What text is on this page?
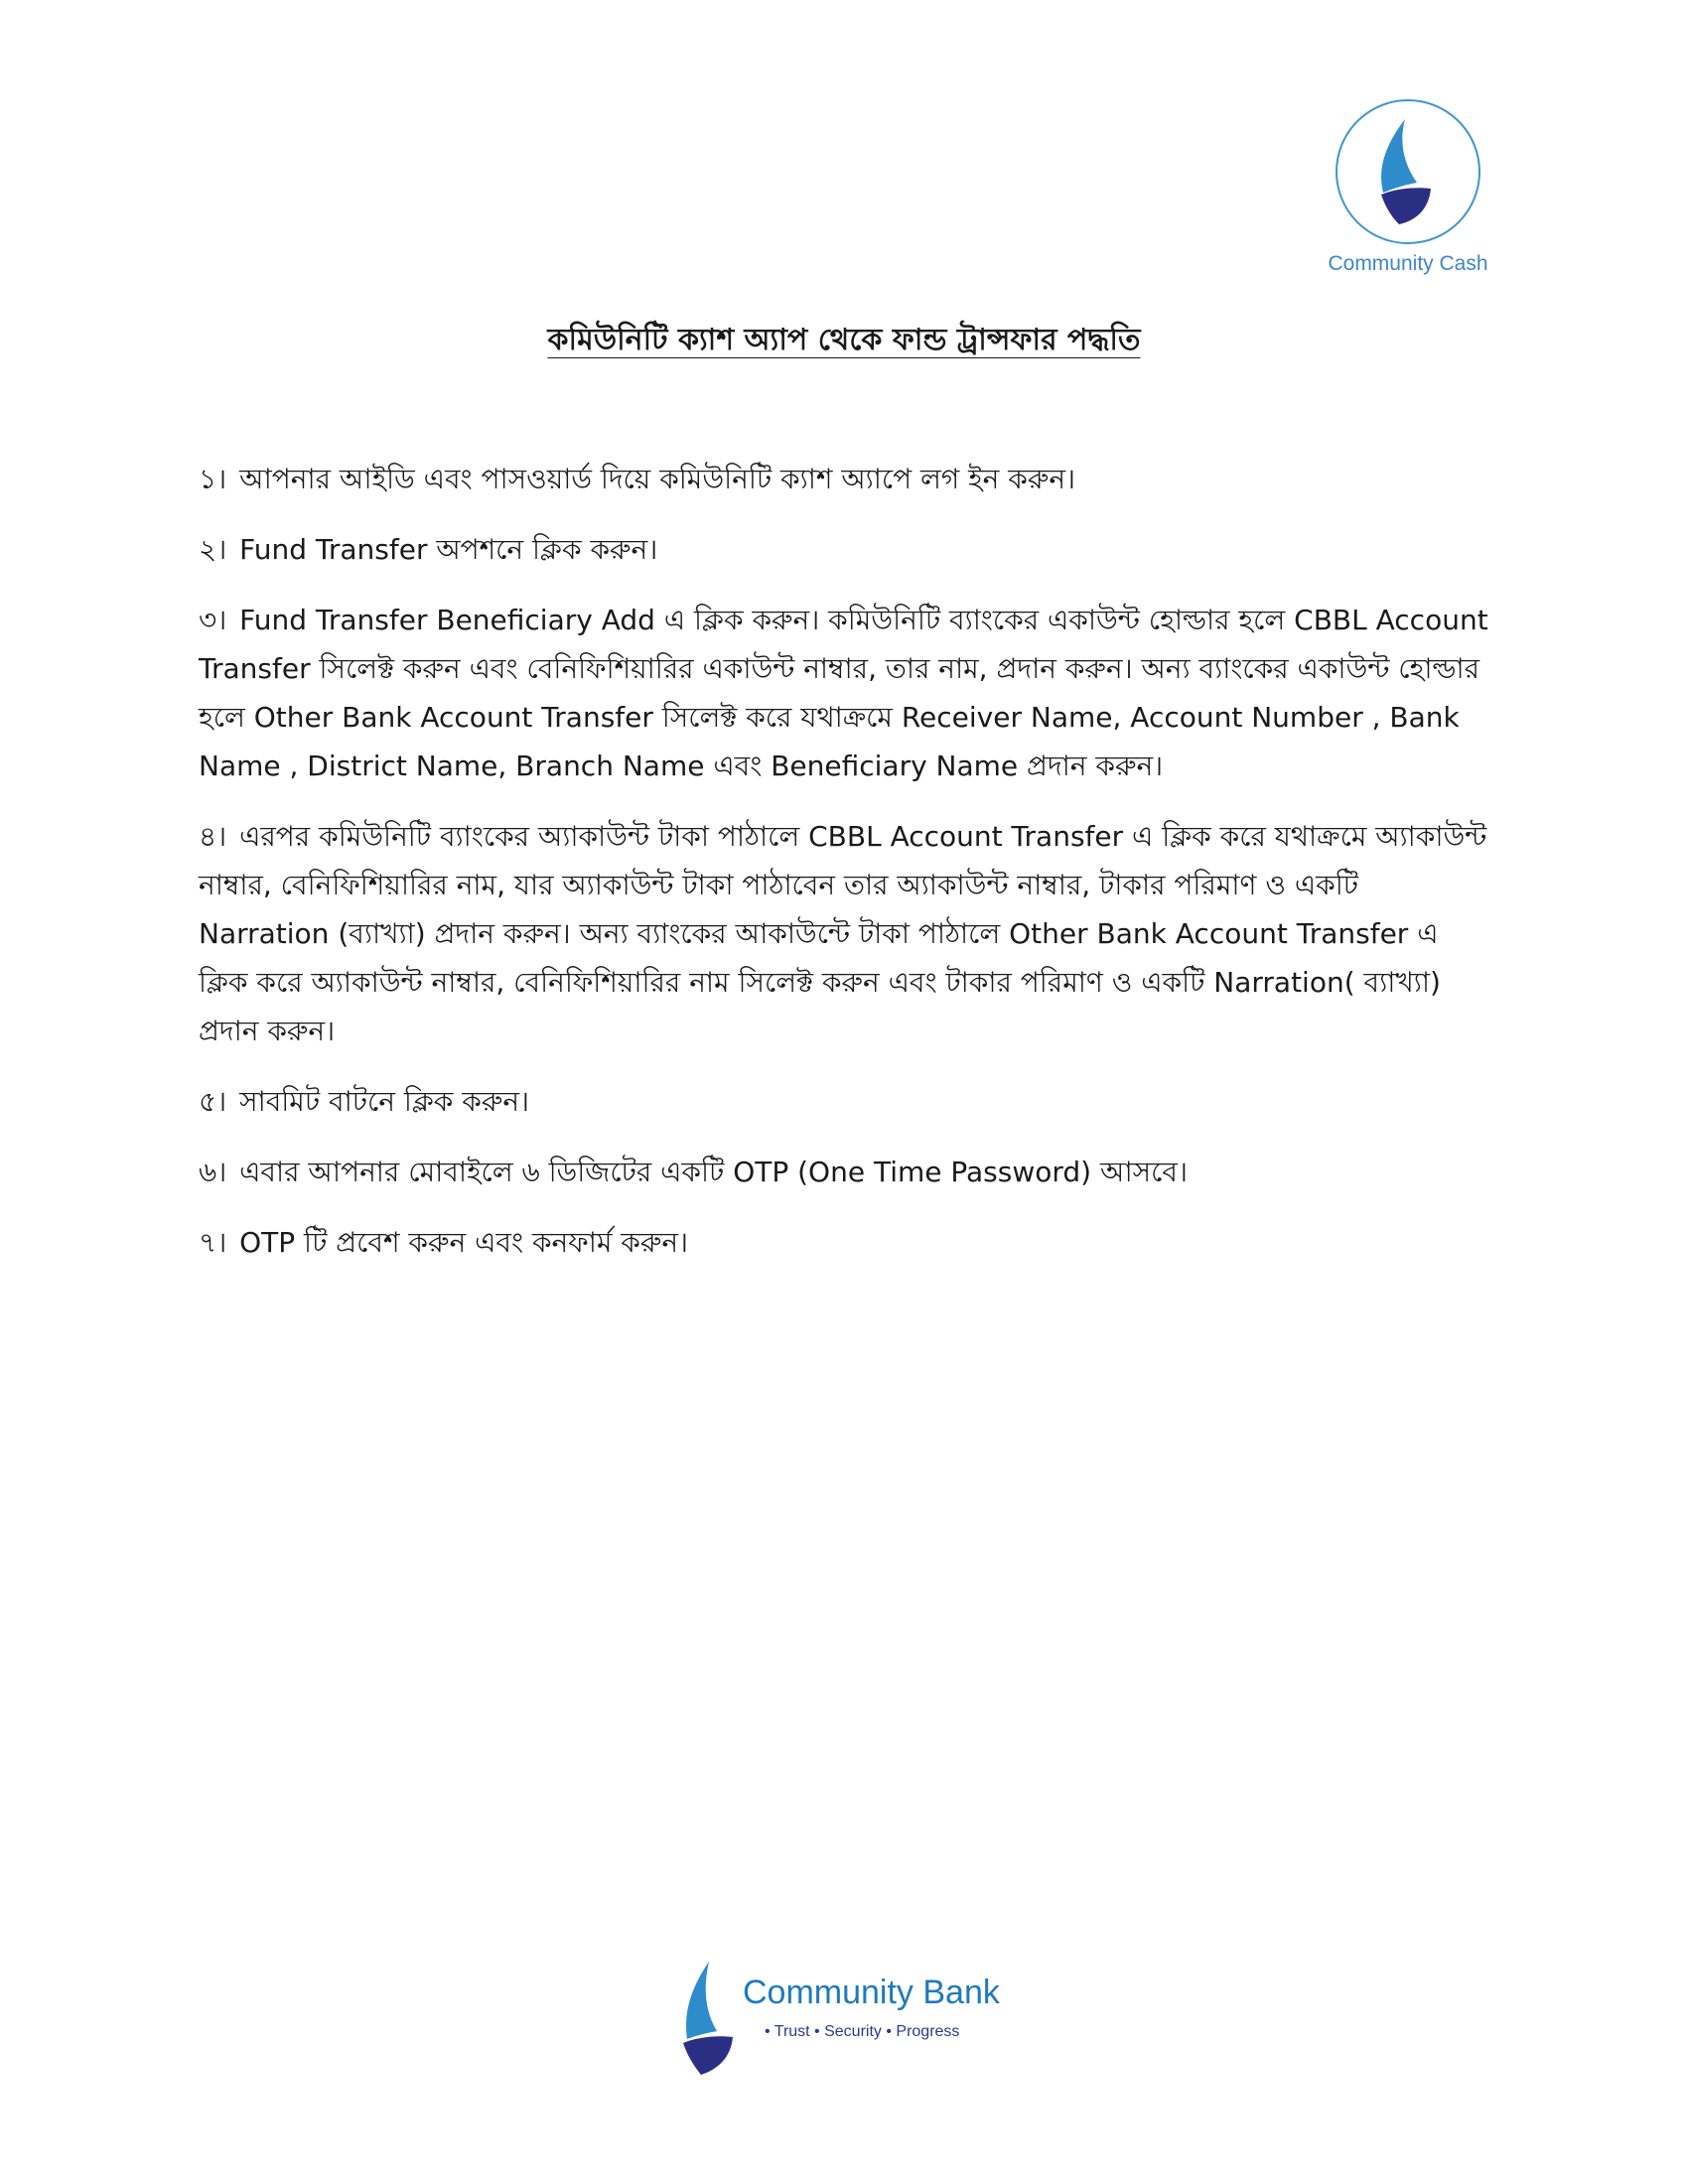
Community Cash
কমিউনিটি ক্যাশ অ্যাপ থেকে ফান্ড ট্রান্সফার পদ্ধতি
১। আপনার আইডি এবং পাসওয়ার্ড দিয়ে কমিউনিটি ক্যাশ অ্যাপে লগ ইন করুন।
২। Fund Transfer অপশনে ক্লিক করুন।
৩। Fund Transfer Beneficiary Add এ ক্লিক করুন। কমিউনিটি ব্যাংকের একাউন্ট হোল্ডার হলে CBBL Account Transfer সিলেক্ট করুন এবং বেনিফিশিয়ারির একাউন্ট নাম্বার, তার নাম, প্রদান করুন। অন্য ব্যাংকের একাউন্ট হোল্ডার হলে Other Bank Account Transfer সিলেক্ট করে যথাক্রমে Receiver Name, Account Number , Bank Name , District Name, Branch Name এবং Beneficiary Name প্রদান করুন।
৪। এরপর কমিউনিটি ব্যাংকের অ্যাকাউন্ট টাকা পাঠালে CBBL Account Transfer এ ক্লিক করে যথাক্রমে অ্যাকাউন্ট নাম্বার, বেনিফিশিয়ারির নাম, যার অ্যাকাউন্ট টাকা পাঠাবেন তার অ্যাকাউন্ট নাম্বার, টাকার পরিমাণ ও একটি Narration (ব্যাখ্যা) প্রদান করুন। অন্য ব্যাংকের আকাউন্টে টাকা পাঠালে Other Bank Account Transfer এ ক্লিক করে অ্যাকাউন্ট নাম্বার, বেনিফিশিয়ারির নাম সিলেক্ট করুন এবং টাকার পরিমাণ ও একটি Narration( ব্যাখ্যা) প্রদান করুন।
৫। সাবমিট বাটনে ক্লিক করুন।
৬। এবার আপনার মোবাইলে ৬ ডিজিটের একটি OTP (One Time Password) আসবে।
৭। OTP টি প্রবেশ করুন এবং কনফার্ম করুন।
Community Bank
• Trust • Security • Progress
